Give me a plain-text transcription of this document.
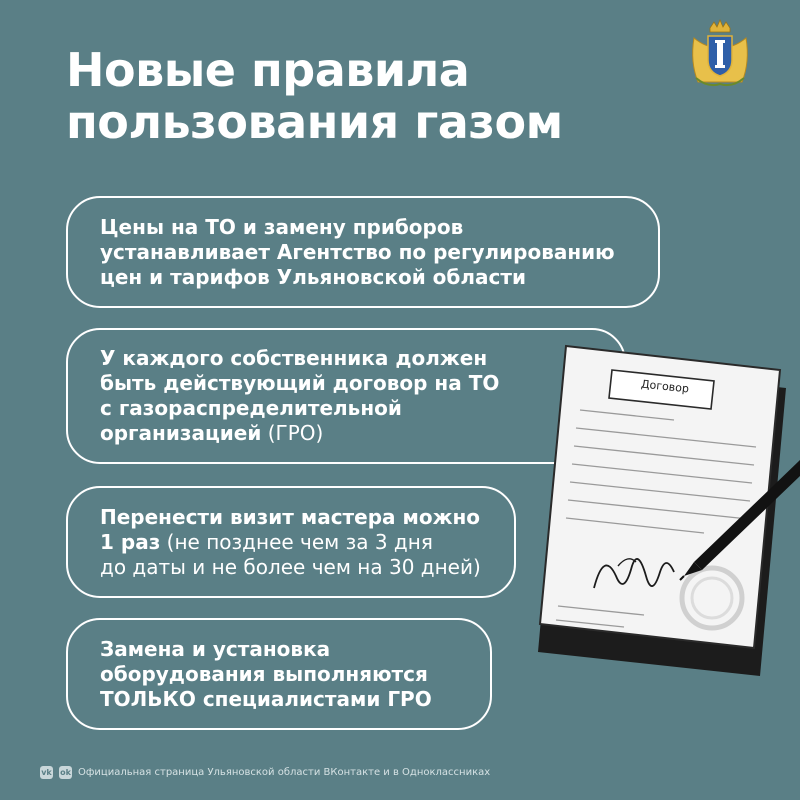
Новые правила
пользования газом
Цены на ТО и замену приборов
устанавливает Агентство по регулированию
цен и тарифов Ульяновской области
У каждого собственника должен
быть действующий договор на ТО
с газораспределительной
организацией (ГРО)
Перенести визит мастера можно
1 раз (не позднее чем за 3 дня
до даты и не более чем на 30 дней)
Замена и установка
оборудования выполняются
ТОЛЬКО специалистами ГРО
Договор
vk ok Официальная страница Ульяновской области ВКонтакте и в Одноклассниках
